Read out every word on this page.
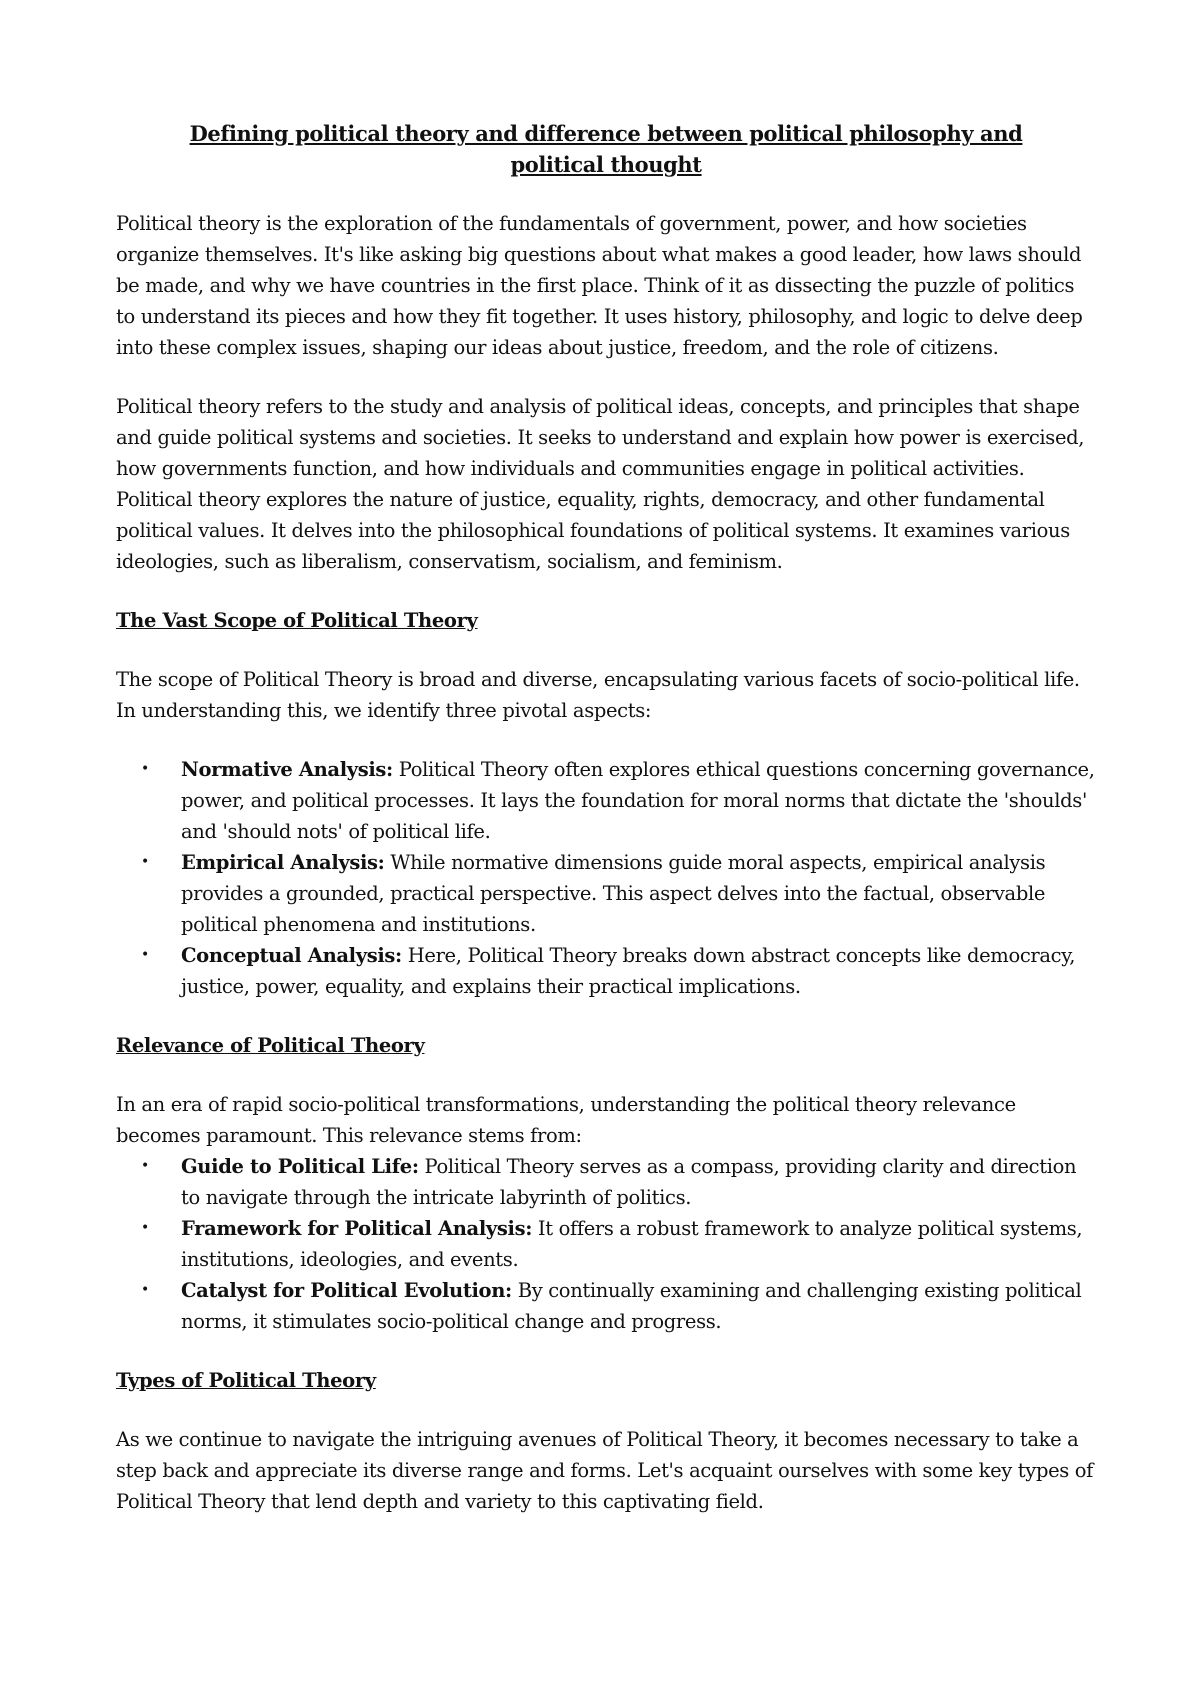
Defining political theory and difference between political philosophy and political thought

Political theory is the exploration of the fundamentals of government, power, and how societies organize themselves. It's like asking big questions about what makes a good leader, how laws should be made, and why we have countries in the first place. Think of it as dissecting the puzzle of politics to understand its pieces and how they fit together. It uses history, philosophy, and logic to delve deep into these complex issues, shaping our ideas about justice, freedom, and the role of citizens.

Political theory refers to the study and analysis of political ideas, concepts, and principles that shape and guide political systems and societies. It seeks to understand and explain how power is exercised, how governments function, and how individuals and communities engage in political activities. Political theory explores the nature of justice, equality, rights, democracy, and other fundamental political values. It delves into the philosophical foundations of political systems. It examines various ideologies, such as liberalism, conservatism, socialism, and feminism.

The Vast Scope of Political Theory

The scope of Political Theory is broad and diverse, encapsulating various facets of socio-political life. In understanding this, we identify three pivotal aspects:

• Normative Analysis: Political Theory often explores ethical questions concerning governance, power, and political processes. It lays the foundation for moral norms that dictate the 'shoulds' and 'should nots' of political life.
• Empirical Analysis: While normative dimensions guide moral aspects, empirical analysis provides a grounded, practical perspective. This aspect delves into the factual, observable political phenomena and institutions.
• Conceptual Analysis: Here, Political Theory breaks down abstract concepts like democracy, justice, power, equality, and explains their practical implications.
Relevance of Political Theory

In an era of rapid socio-political transformations, understanding the political theory relevance becomes paramount. This relevance stems from:

• Guide to Political Life: Political Theory serves as a compass, providing clarity and direction to navigate through the intricate labyrinth of politics.
• Framework for Political Analysis: It offers a robust framework to analyze political systems, institutions, ideologies, and events.
• Catalyst for Political Evolution: By continually examining and challenging existing political norms, it stimulates socio-political change and progress.
Types of Political Theory

As we continue to navigate the intriguing avenues of Political Theory, it becomes necessary to take a step back and appreciate its diverse range and forms. Let's acquaint ourselves with some key types of Political Theory that lend depth and variety to this captivating field.
